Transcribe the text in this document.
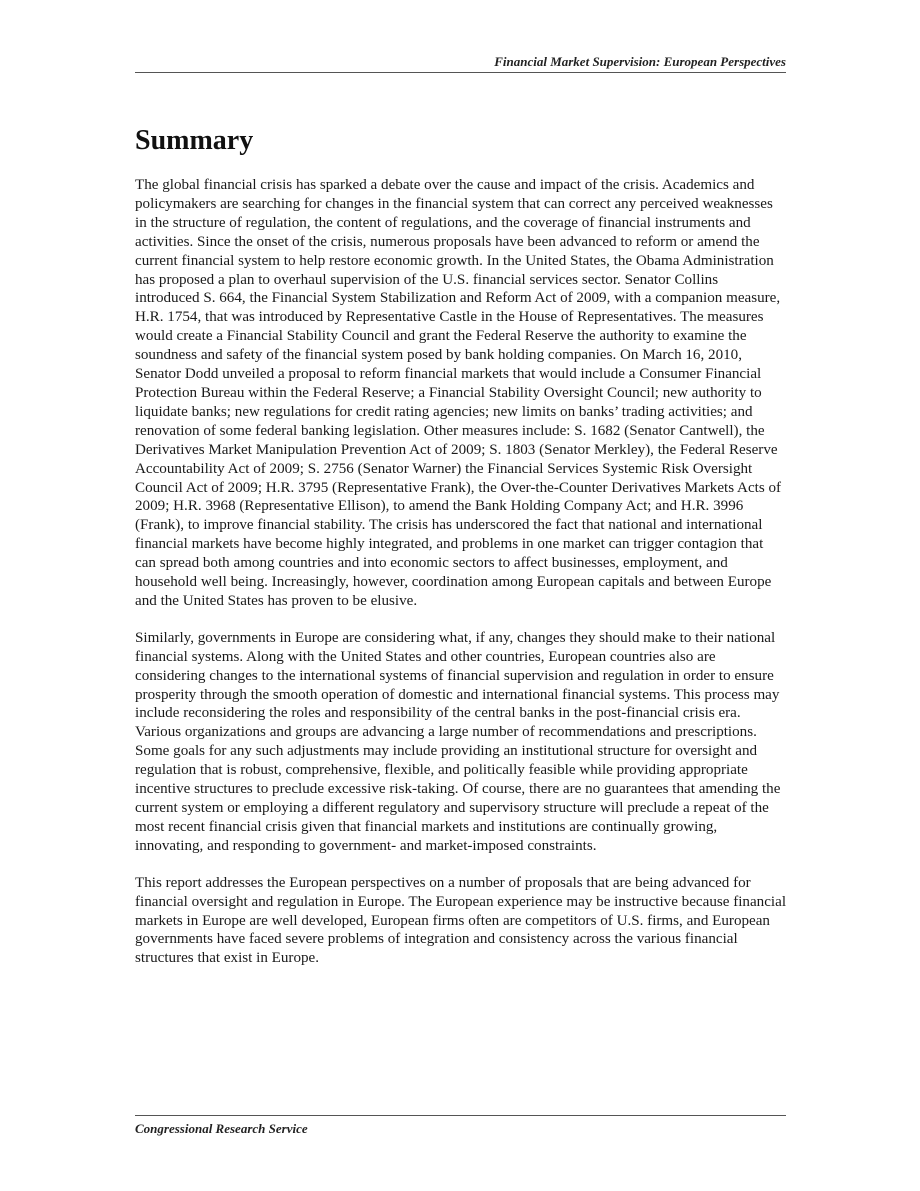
Financial Market Supervision: European Perspectives
Summary

The global financial crisis has sparked a debate over the cause and impact of the crisis. Academics and policymakers are searching for changes in the financial system that can correct any perceived weaknesses in the structure of regulation, the content of regulations, and the coverage of financial instruments and activities. Since the onset of the crisis, numerous proposals have been advanced to reform or amend the current financial system to help restore economic growth. In the United States, the Obama Administration has proposed a plan to overhaul supervision of the U.S. financial services sector. Senator Collins introduced S. 664, the Financial System Stabilization and Reform Act of 2009, with a companion measure, H.R. 1754, that was introduced by Representative Castle in the House of Representatives. The measures would create a Financial Stability Council and grant the Federal Reserve the authority to examine the soundness and safety of the financial system posed by bank holding companies. On March 16, 2010, Senator Dodd unveiled a proposal to reform financial markets that would include a Consumer Financial Protection Bureau within the Federal Reserve; a Financial Stability Oversight Council; new authority to liquidate banks; new regulations for credit rating agencies; new limits on banks’ trading activities; and renovation of some federal banking legislation. Other measures include: S. 1682 (Senator Cantwell), the Derivatives Market Manipulation Prevention Act of 2009; S. 1803 (Senator Merkley), the Federal Reserve Accountability Act of 2009; S. 2756 (Senator Warner) the Financial Services Systemic Risk Oversight Council Act of 2009; H.R. 3795 (Representative Frank), the Over-the-Counter Derivatives Markets Acts of 2009; H.R. 3968 (Representative Ellison), to amend the Bank Holding Company Act; and H.R. 3996 (Frank), to improve financial stability. The crisis has underscored the fact that national and international financial markets have become highly integrated, and problems in one market can trigger contagion that can spread both among countries and into economic sectors to affect businesses, employment, and household well being. Increasingly, however, coordination among European capitals and between Europe and the United States has proven to be elusive.

Similarly, governments in Europe are considering what, if any, changes they should make to their national financial systems. Along with the United States and other countries, European countries also are considering changes to the international systems of financial supervision and regulation in order to ensure prosperity through the smooth operation of domestic and international financial systems. This process may include reconsidering the roles and responsibility of the central banks in the post-financial crisis era. Various organizations and groups are advancing a large number of recommendations and prescriptions. Some goals for any such adjustments may include providing an institutional structure for oversight and regulation that is robust, comprehensive, flexible, and politically feasible while providing appropriate incentive structures to preclude excessive risk-taking. Of course, there are no guarantees that amending the current system or employing a different regulatory and supervisory structure will preclude a repeat of the most recent financial crisis given that financial markets and institutions are continually growing, innovating, and responding to government- and market-imposed constraints.

This report addresses the European perspectives on a number of proposals that are being advanced for financial oversight and regulation in Europe. The European experience may be instructive because financial markets in Europe are well developed, European firms often are competitors of U.S. firms, and European governments have faced severe problems of integration and consistency across the various financial structures that exist in Europe.

Congressional Research Service
